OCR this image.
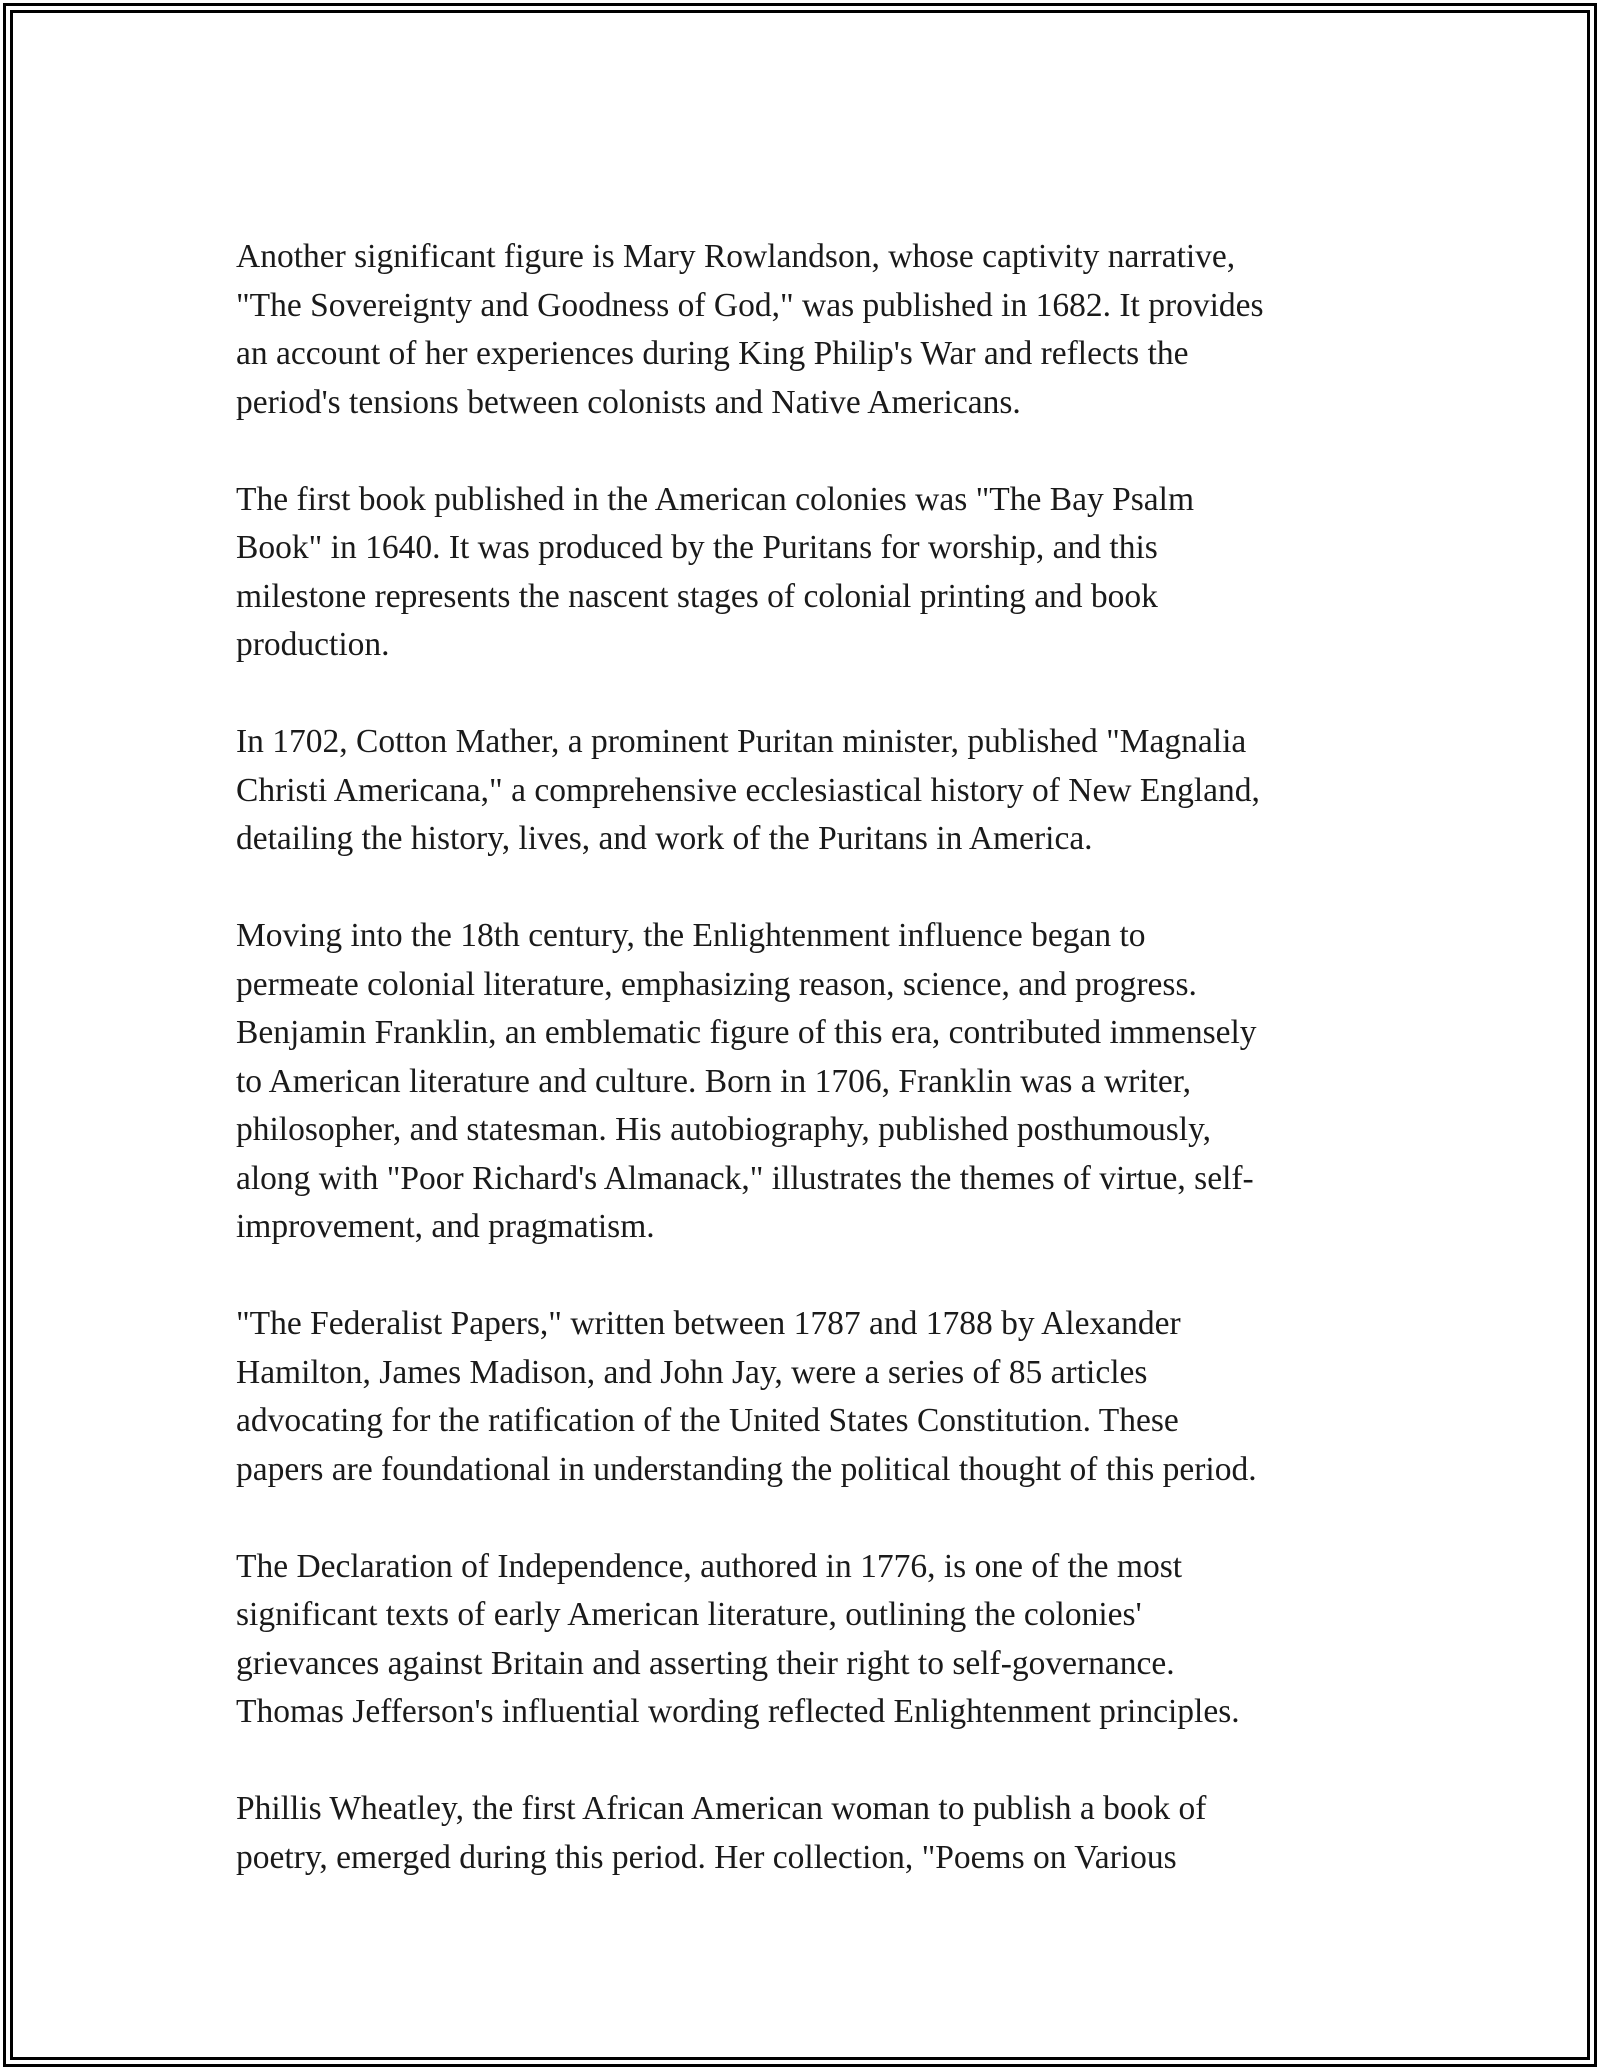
Another significant figure is Mary Rowlandson, whose captivity narrative,
"The Sovereignty and Goodness of God," was published in 1682. It provides
an account of her experiences during King Philip's War and reflects the
period's tensions between colonists and Native Americans.

The first book published in the American colonies was "The Bay Psalm
Book" in 1640. It was produced by the Puritans for worship, and this
milestone represents the nascent stages of colonial printing and book
production.

In 1702, Cotton Mather, a prominent Puritan minister, published "Magnalia
Christi Americana," a comprehensive ecclesiastical history of New England,
detailing the history, lives, and work of the Puritans in America.

Moving into the 18th century, the Enlightenment influence began to
permeate colonial literature, emphasizing reason, science, and progress.
Benjamin Franklin, an emblematic figure of this era, contributed immensely
to American literature and culture. Born in 1706, Franklin was a writer,
philosopher, and statesman. His autobiography, published posthumously,
along with "Poor Richard's Almanack," illustrates the themes of virtue, self-
improvement, and pragmatism.

"The Federalist Papers," written between 1787 and 1788 by Alexander
Hamilton, James Madison, and John Jay, were a series of 85 articles
advocating for the ratification of the United States Constitution. These
papers are foundational in understanding the political thought of this period.

The Declaration of Independence, authored in 1776, is one of the most
significant texts of early American literature, outlining the colonies'
grievances against Britain and asserting their right to self-governance.
Thomas Jefferson's influential wording reflected Enlightenment principles.

Phillis Wheatley, the first African American woman to publish a book of
poetry, emerged during this period. Her collection, "Poems on Various
